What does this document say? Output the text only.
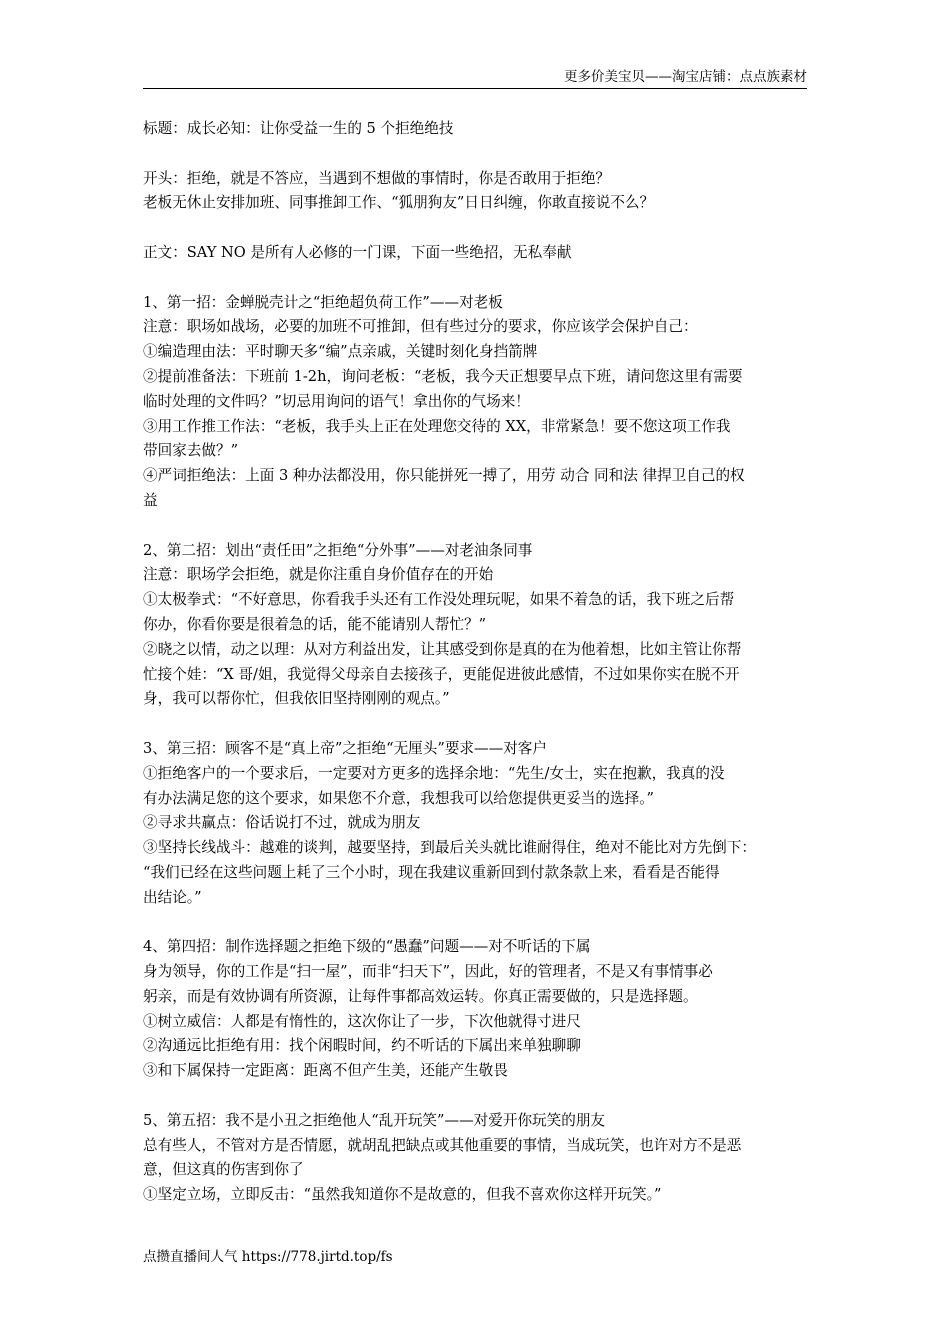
更多价美宝贝——淘宝店铺：点点族素材

标题：成长必知：让你受益一生的 5 个拒绝绝技

开头：拒绝，就是不答应，当遇到不想做的事情时，你是否敢用于拒绝？

老板无休止安排加班、同事推卸工作、“狐朋狗友”日日纠缠，你敢直接说不么？

正文：SAY NO 是所有人必修的一门课，下面一些绝招，无私奉献

1、第一招：金蝉脱壳计之“拒绝超负荷工作”——对老板

注意：职场如战场，必要的加班不可推卸，但有些过分的要求，你应该学会保护自己：

①编造理由法：平时聊天多“编”点亲戚，关键时刻化身挡箭牌

②提前准备法：下班前 1-2h，询问老板：“老板，我今天正想要早点下班，请问您这里有需要

临时处理的文件吗？”切忌用询问的语气！拿出你的气场来！

③用工作推工作法：“老板，我手头上正在处理您交待的 XX，非常紧急！要不您这项工作我

带回家去做？”

④严词拒绝法：上面 3 种办法都没用，你只能拼死一搏了，用劳 动合 同和法 律捍卫自己的权

益

2、第二招：划出“责任田”之拒绝“分外事”——对老油条同事

注意：职场学会拒绝，就是你注重自身价值存在的开始

①太极拳式：“不好意思，你看我手头还有工作没处理玩呢，如果不着急的话，我下班之后帮

你办，你看你要是很着急的话，能不能请别人帮忙？”

②晓之以情，动之以理：从对方利益出发，让其感受到你是真的在为他着想，比如主管让你帮

忙接个娃：“X 哥/姐，我觉得父母亲自去接孩子，更能促进彼此感情，不过如果你实在脱不开

身，我可以帮你忙，但我依旧坚持刚刚的观点。”

3、第三招：顾客不是“真上帝”之拒绝“无厘头”要求——对客户

①拒绝客户的一个要求后，一定要对方更多的选择余地：“先生/女士，实在抱歉，我真的没

有办法满足您的这个要求，如果您不介意，我想我可以给您提供更妥当的选择。”

②寻求共赢点：俗话说打不过，就成为朋友

③坚持长线战斗：越难的谈判，越要坚持，到最后关头就比谁耐得住，绝对不能比对方先倒下：

“我们已经在这些问题上耗了三个小时，现在我建议重新回到付款条款上来，看看是否能得

出结论。”

4、第四招：制作选择题之拒绝下级的“愚蠢”问题——对不听话的下属

身为领导，你的工作是“扫一屋”，而非“扫天下”，因此，好的管理者，不是又有事情事必

躬亲，而是有效协调有所资源，让每件事都高效运转。你真正需要做的，只是选择题。

①树立威信：人都是有惰性的，这次你让了一步，下次他就得寸进尺

②沟通远比拒绝有用：找个闲暇时间，约不听话的下属出来单独聊聊

③和下属保持一定距离：距离不但产生美，还能产生敬畏

5、第五招：我不是小丑之拒绝他人“乱开玩笑”——对爱开你玩笑的朋友

总有些人，不管对方是否情愿，就胡乱把缺点或其他重要的事情，当成玩笑，也许对方不是恶

意，但这真的伤害到你了

①坚定立场，立即反击：“虽然我知道你不是故意的，但我不喜欢你这样开玩笑。”

点攒直播间人气 https://778.jirtd.top/fs
